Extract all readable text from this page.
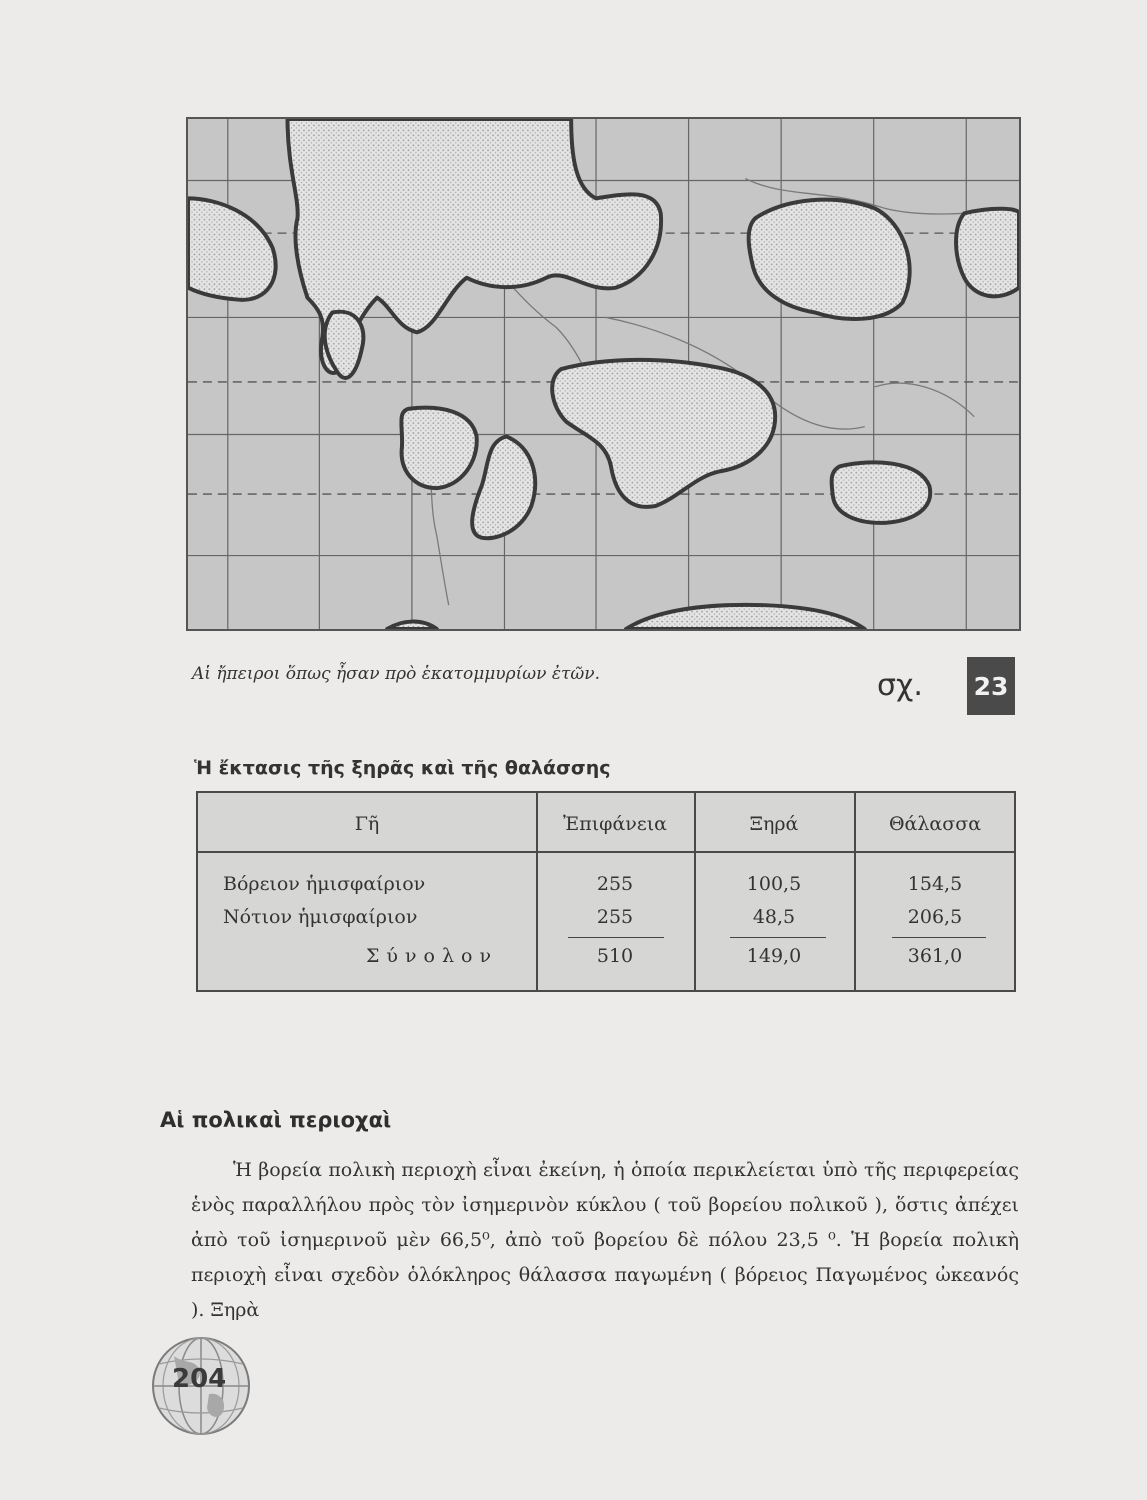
Αἱ ἤπειροι ὅπως ἦσαν πρὸ ἑκατομμυρίων ἐτῶν.	σχ. 23
Ἡ ἔκτασις τῆς ξηρᾶς καὶ τῆς θαλάσσης
Γῆ	Ἐπιφάνεια	Ξηρά	Θάλασσα
Βόρειον ἡμισφαίριον	255	100,5	154,5
Νότιον ἡμισφαίριον	255	48,5	206,5
Σύνολον	510	149,0	361,0
Αἱ πολικαὶ περιοχαὶ

Ἡ βορεία πολικὴ περιοχὴ εἶναι ἐκείνη, ἡ ὁποία περικλείεται ὑπὸ τῆς περιφερείας ἑνὸς παραλλήλου πρὸς τὸν ἰσημερινὸν κύκλου ( τοῦ βορείου πολικοῦ ), ὅστις ἀπέχει ἀπὸ τοῦ ἰσημερινοῦ μὲν 66,5⁰, ἀπὸ τοῦ βορείου δὲ πόλου 23,5 ⁰. Ἡ βορεία πολικὴ περιοχὴ εἶναι σχεδὸν ὁλόκληρος θάλασσα παγωμένη ( βόρειος Παγωμένος ὠκεανός ). Ξηρὰ

204
